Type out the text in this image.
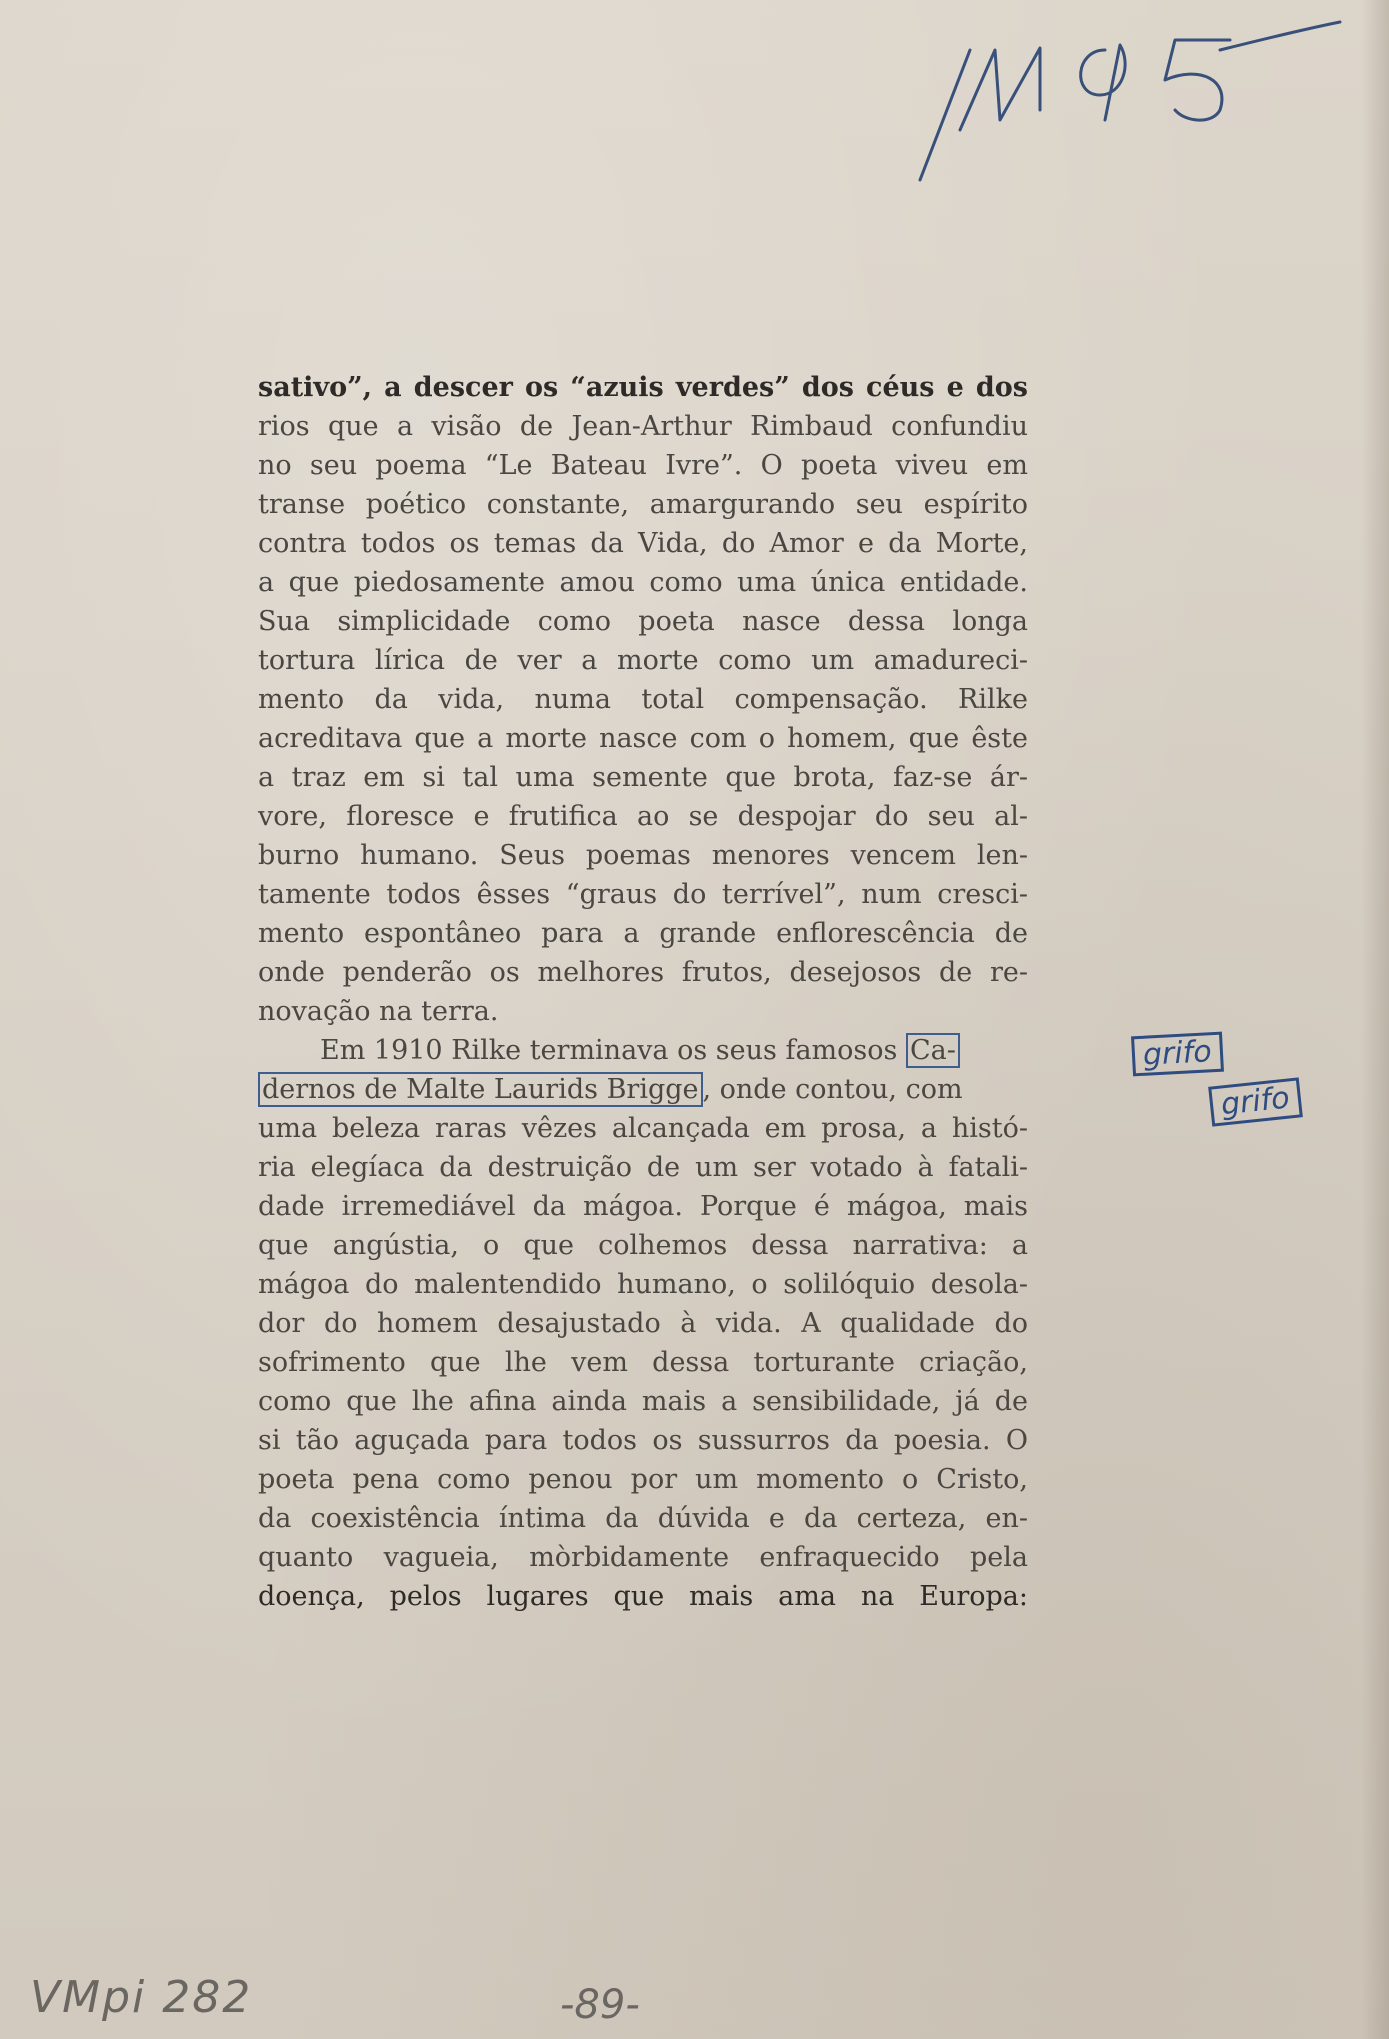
M95
sativo”, a descer os “azuis verdes” dos céus e dos
rios que a visão de Jean-Arthur Rimbaud confundiu
no seu poema “Le Bateau Ivre”. O poeta viveu em
transe poético constante, amargurando seu espírito
contra todos os temas da Vida, do Amor e da Morte,
a que piedosamente amou como uma única entidade.
Sua simplicidade como poeta nasce dessa longa
tortura lírica de ver a morte como um amadureci-
mento da vida, numa total compensação. Rilke
acreditava que a morte nasce com o homem, que êste
a traz em si tal uma semente que brota, faz-se ár-
vore, floresce e frutifica ao se despojar do seu al-
burno humano. Seus poemas menores vencem len-
tamente todos êsses “graus do terrível”, num cresci-
mento espontâneo para a grande enflorescência de
onde penderão os melhores frutos, desejosos de re-
novação na terra.
Em 1910 Rilke terminava os seus famosos Ca-
dernos de Malte Laurids Brigge , onde contou, com
uma beleza raras vêzes alcançada em prosa, a histó-
ria elegíaca da destruição de um ser votado à fatali-
dade irremediável da mágoa. Porque é mágoa, mais
que angústia, o que colhemos dessa narrativa: a
mágoa do malentendido humano, o solilóquio desola-
dor do homem desajustado à vida. A qualidade do
sofrimento que lhe vem dessa torturante criação,
como que lhe afina ainda mais a sensibilidade, já de
si tão aguçada para todos os sussurros da poesia. O
poeta pena como penou por um momento o Cristo,
da coexistência íntima da dúvida e da certeza, en-
quanto vagueia, mòrbidamente enfraquecido pela
doença, pelos lugares que mais ama na Europa:
grifo
grifo
VMpi 282	-89-
